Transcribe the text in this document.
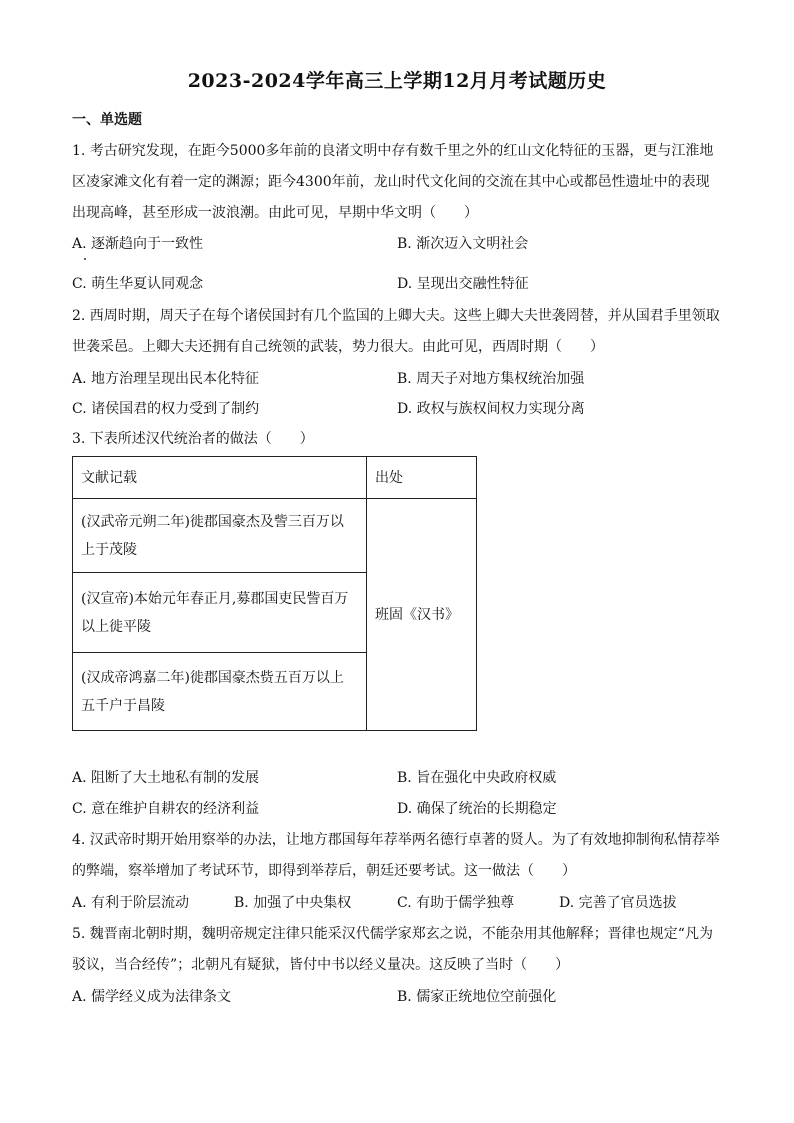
2023-2024学年高三上学期12月月考试题历史
一、单选题
1. 考古研究发现，在距今5000多年前的良渚文明中存有数千里之外的红山文化特征的玉器，更与江淮地
区凌家滩文化有着一定的渊源；距今4300年前，龙山时代文化间的交流在其中心或都邑性遗址中的表现
出现高峰，甚至形成一波浪潮。由此可见，早期中华文明（　　）
A. 逐渐趋向于一致性	B. 渐次迈入文明社会
C. 萌生华夏认同观念	D. 呈现出交融性特征
2. 西周时期，周天子在每个诸侯国封有几个监国的上卿大夫。这些上卿大夫世袭罔替，并从国君手里领取
世袭采邑。上卿大夫还拥有自己统领的武装，势力很大。由此可见，西周时期（　　）
A. 地方治理呈现出民本化特征	B. 周天子对地方集权统治加强
C. 诸侯国君的权力受到了制约	D. 政权与族权间权力实现分离
3. 下表所述汉代统治者的做法（　　）
文献记载	出处

(汉武帝元朔二年)徙郡国豪杰及訾三百万以
上于茂陵	班固《汉书》

(汉宣帝)本始元年春正月,募郡国吏民訾百万
以上徙平陵	

(汉成帝鸿嘉二年)徙郡国豪杰赀五百万以上
五千户于昌陵	
A. 阻断了大土地私有制的发展	B. 旨在强化中央政府权威
C. 意在维护自耕农的经济利益	D. 确保了统治的长期稳定
4. 汉武帝时期开始用察举的办法，让地方郡国每年荐举两名德行卓著的贤人。为了有效地抑制徇私情荐举
的弊端，察举增加了考试环节，即得到举荐后，朝廷还要考试。这一做法（　　）
A. 有利于阶层流动	B. 加强了中央集权	C. 有助于儒学独尊	D. 完善了官员选拔
5. 魏晋南北朝时期，魏明帝规定注律只能采汉代儒学家郑玄之说，不能杂用其他解释；晋律也规定“凡为
驳议，当合经传”；北朝凡有疑狱，皆付中书以经义量决。这反映了当时（　　）
A. 儒学经义成为法律条文	B. 儒家正统地位空前强化
